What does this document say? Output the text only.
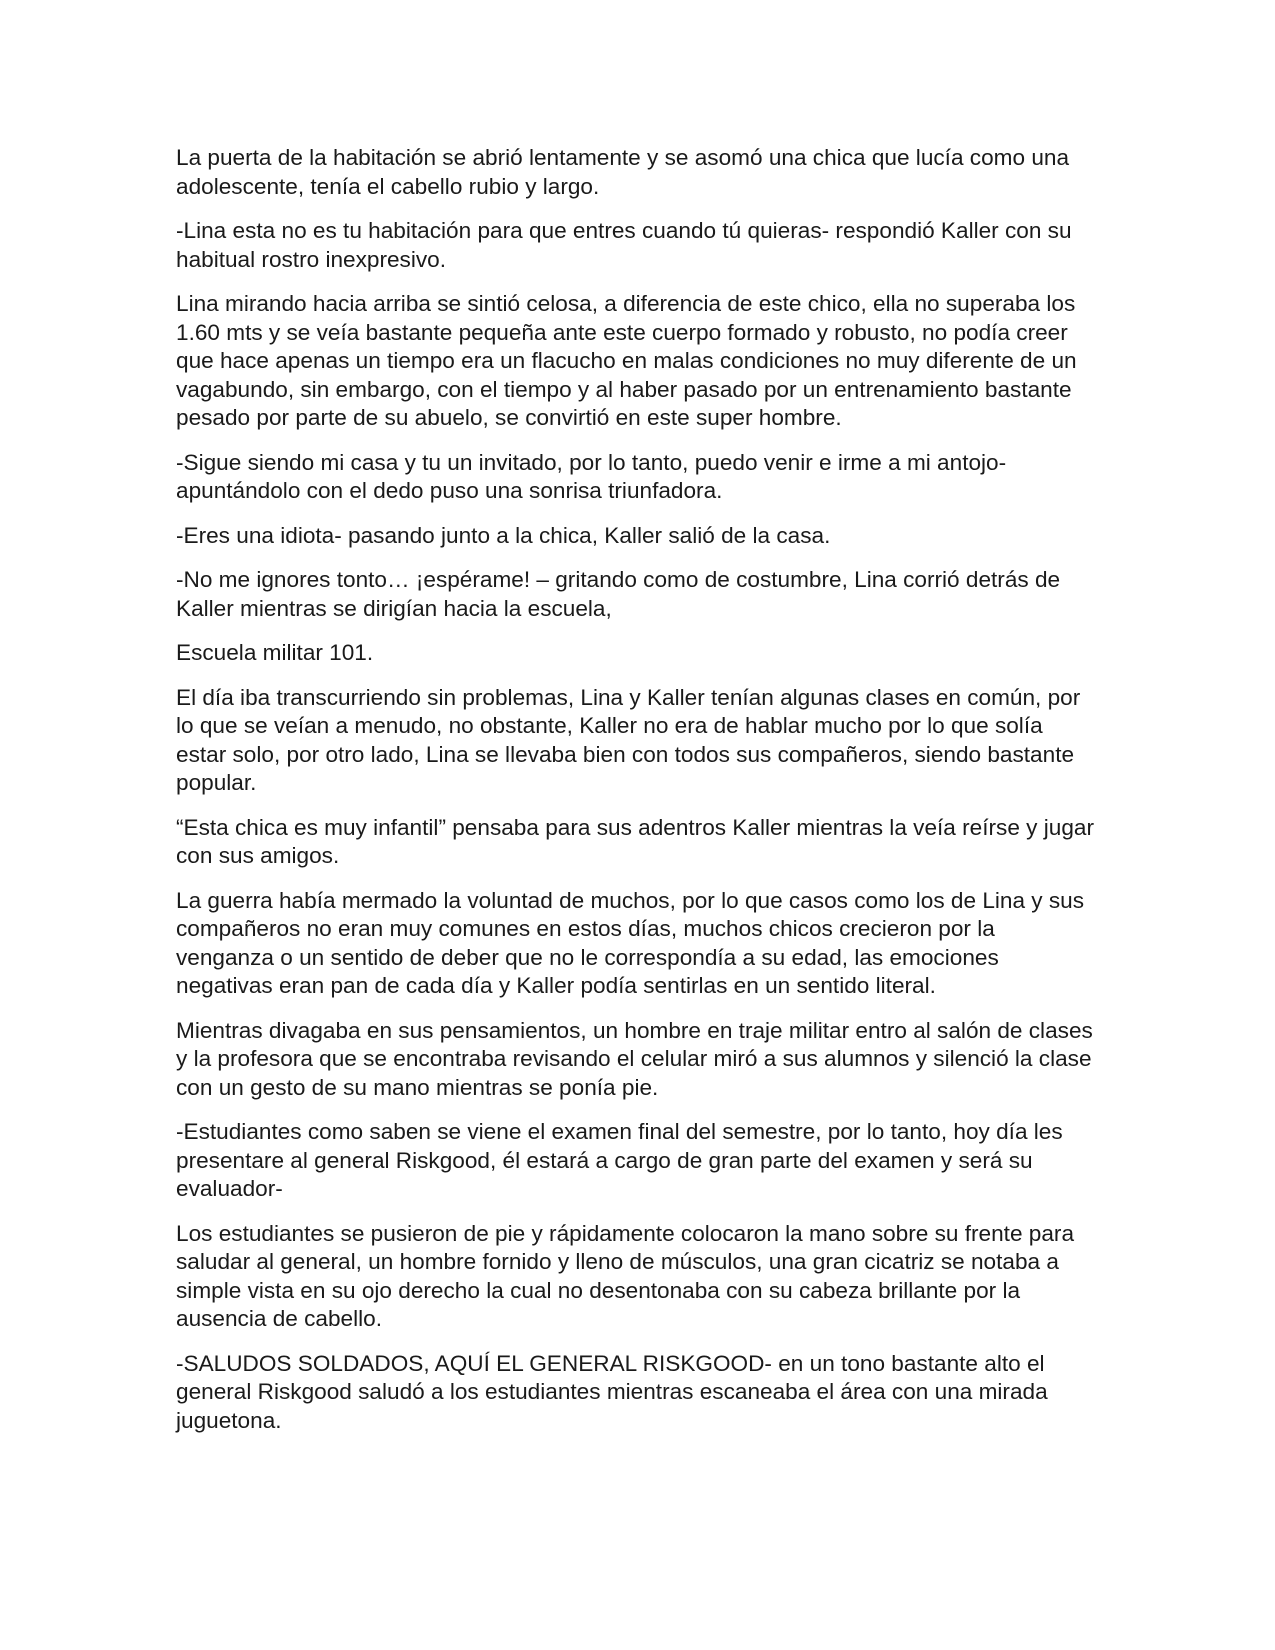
La puerta de la habitación se abrió lentamente y se asomó una chica que lucía como una adolescente, tenía el cabello rubio y largo.

-Lina esta no es tu habitación para que entres cuando tú quieras- respondió Kaller con su habitual rostro inexpresivo.

Lina mirando hacia arriba se sintió celosa, a diferencia de este chico, ella no superaba los 1.60 mts y se veía bastante pequeña ante este cuerpo formado y robusto, no podía creer que hace apenas un tiempo era un flacucho en malas condiciones no muy diferente de un vagabundo, sin embargo, con el tiempo y al haber pasado por un entrenamiento bastante pesado por parte de su abuelo, se convirtió en este super hombre.

-Sigue siendo mi casa y tu un invitado, por lo tanto, puedo venir e irme a mi antojo- apuntándolo con el dedo puso una sonrisa triunfadora.

-Eres una idiota- pasando junto a la chica, Kaller salió de la casa.

-No me ignores tonto… ¡espérame! – gritando como de costumbre, Lina corrió detrás de Kaller mientras se dirigían hacia la escuela,

Escuela militar 101.

El día iba transcurriendo sin problemas, Lina y Kaller tenían algunas clases en común, por lo que se veían a menudo, no obstante, Kaller no era de hablar mucho por lo que solía estar solo, por otro lado, Lina se llevaba bien con todos sus compañeros, siendo bastante popular.

“Esta chica es muy infantil” pensaba para sus adentros Kaller mientras la veía reírse y jugar con sus amigos.

La guerra había mermado la voluntad de muchos, por lo que casos como los de Lina y sus compañeros no eran muy comunes en estos días, muchos chicos crecieron por la venganza o un sentido de deber que no le correspondía a su edad, las emociones negativas eran pan de cada día y Kaller podía sentirlas en un sentido literal.

Mientras divagaba en sus pensamientos, un hombre en traje militar entro al salón de clases y la profesora que se encontraba revisando el celular miró a sus alumnos y silenció la clase con un gesto de su mano mientras se ponía pie.

-Estudiantes como saben se viene el examen final del semestre, por lo tanto, hoy día les presentare al general Riskgood, él estará a cargo de gran parte del examen y será su evaluador-

Los estudiantes se pusieron de pie y rápidamente colocaron la mano sobre su frente para saludar al general, un hombre fornido y lleno de músculos, una gran cicatriz se notaba a simple vista en su ojo derecho la cual no desentonaba con su cabeza brillante por la ausencia de cabello.

-SALUDOS SOLDADOS, AQUÍ EL GENERAL RISKGOOD- en un tono bastante alto el general Riskgood saludó a los estudiantes mientras escaneaba el área con una mirada juguetona.
